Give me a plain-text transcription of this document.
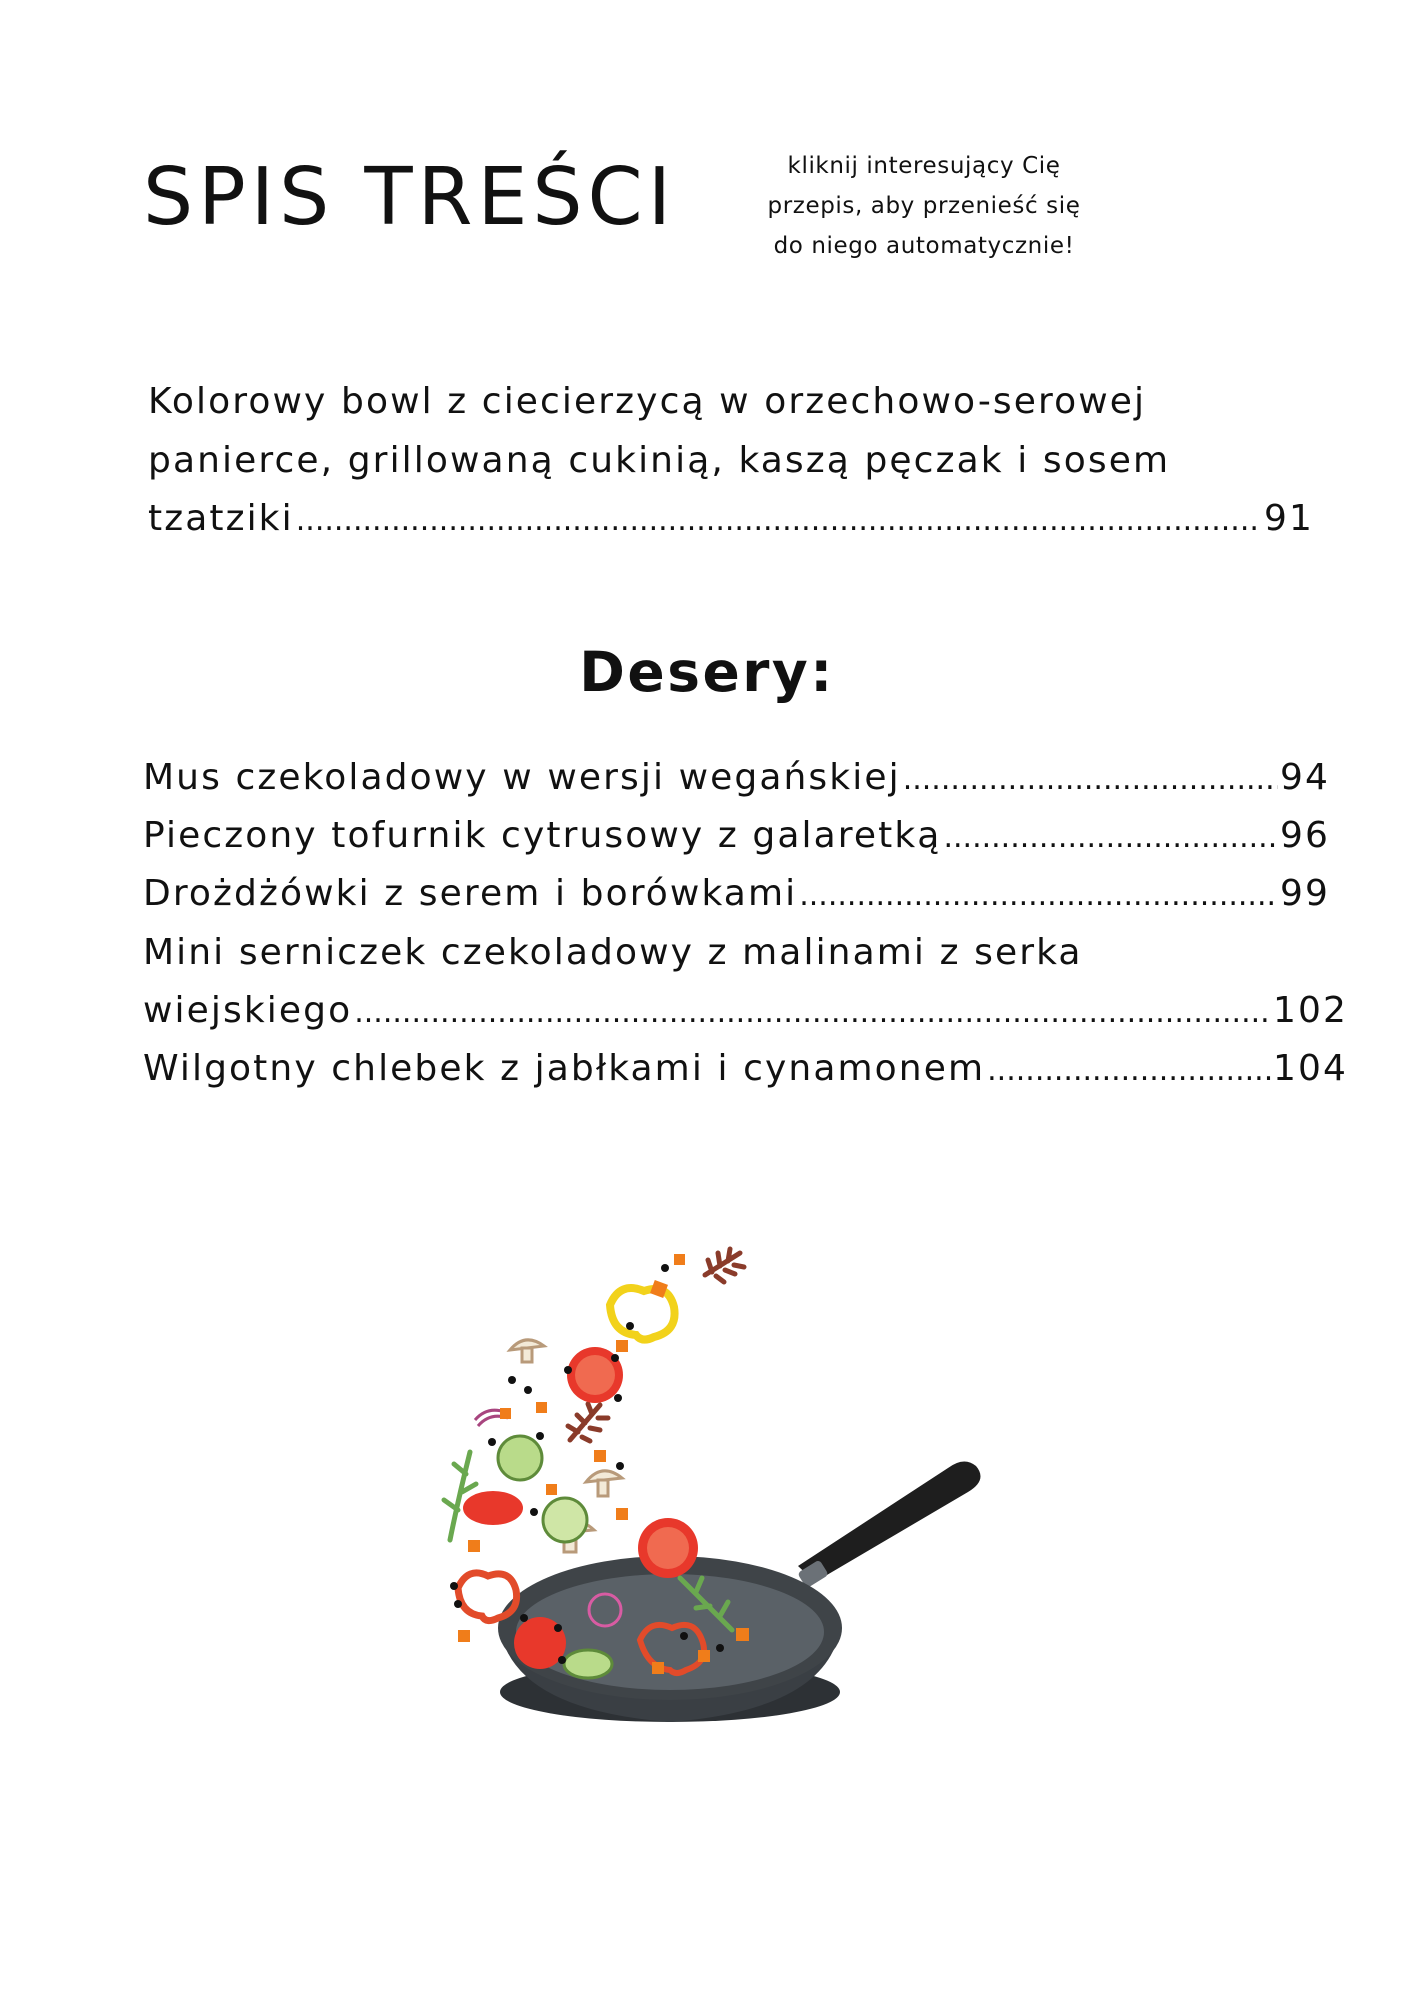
SPIS TREŚCI	kliknij interesujący Cię
przepis, aby przenieść się
do niego automatycznie!
Kolorowy bowl z ciecierzycą w orzechowo-serowej
panierce, grillowaną cukinią, kaszą pęczak i sosem
tzatziki .....	91
Desery:
Mus czekoladowy w wersji wegańskiej .....	94
Pieczony tofurnik cytrusowy z galaretką .....	96
Drożdżówki z serem i borówkami .....	99
Mini serniczek czekoladowy z malinami z serka
wiejskiego .....	102
Wilgotny chlebek z jabłkami i cynamonem .....	104
